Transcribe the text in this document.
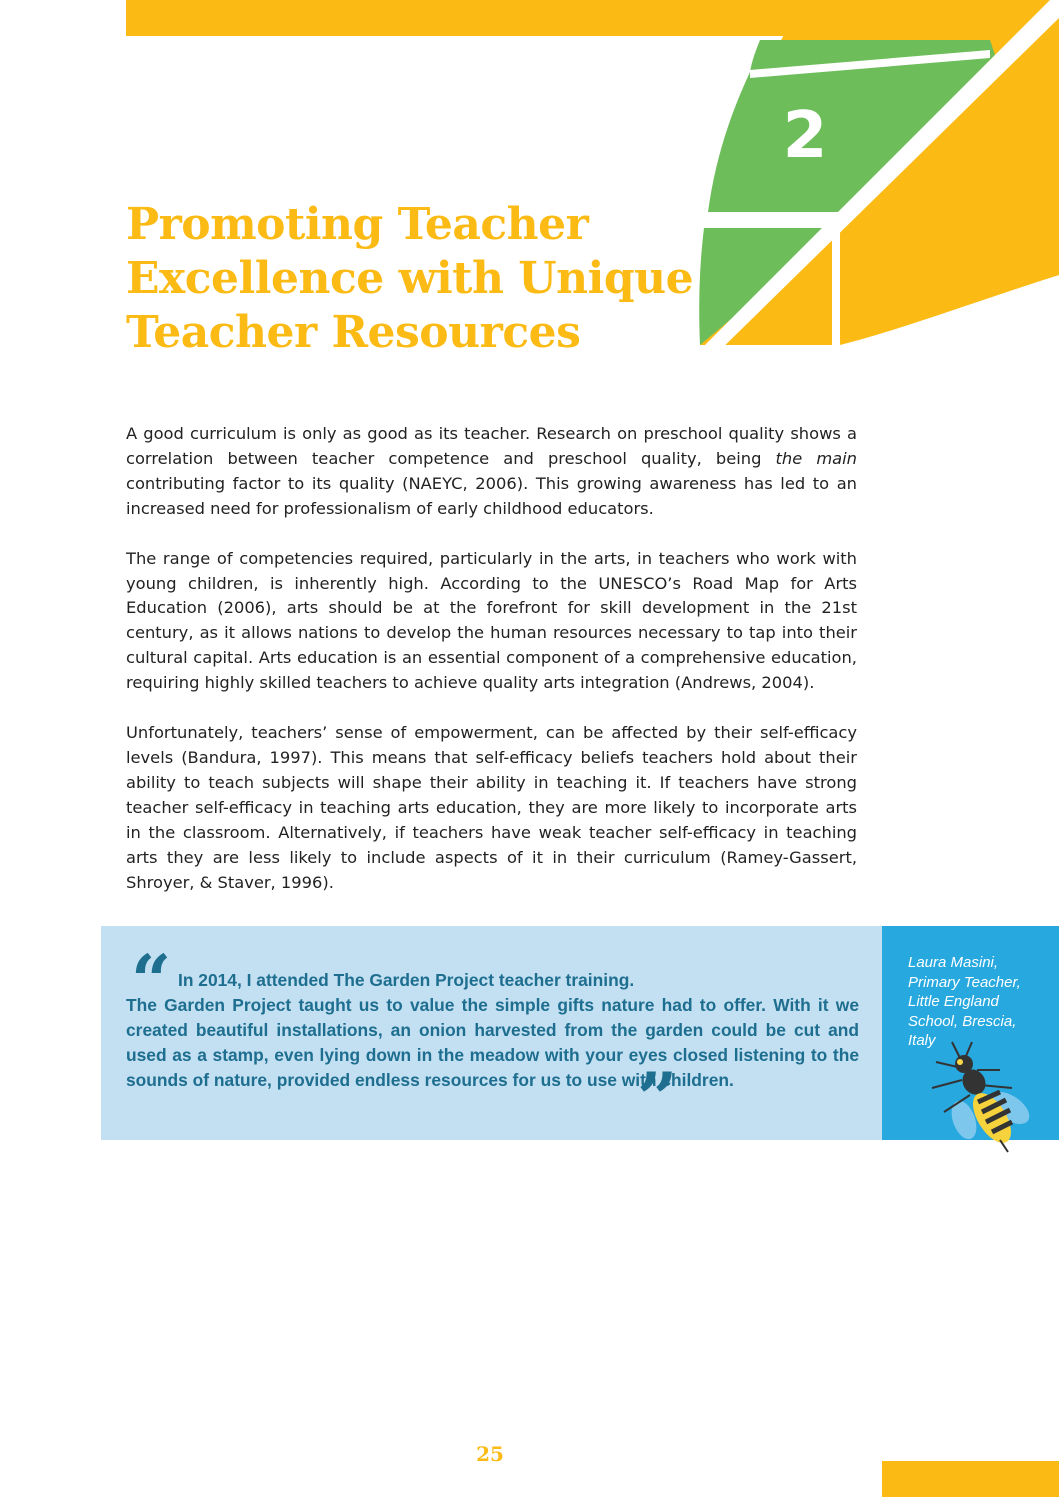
2
Promoting Teacher
Excellence with Unique
Teacher Resources

A good curriculum is only as good as its teacher. Research on preschool quality shows a correlation between teacher competence and preschool quality, being the main contributing factor to its quality (NAEYC, 2006). This growing awareness has led to an increased need for professionalism of early childhood educators.

The range of competencies required, particularly in the arts, in teachers who work with young children, is inherently high. According to the UNESCO’s Road Map for Arts Education (2006), arts should be at the forefront for skill development in the 21st century, as it allows nations to develop the human resources necessary to tap into their cultural capital. Arts education is an essential component of a comprehensive education, requiring highly skilled teachers to achieve quality arts integration (Andrews, 2004).

Unfortunately, teachers’ sense of empowerment, can be affected by their self-efficacy levels (Bandura, 1997). This means that self-efficacy beliefs teachers hold about their ability to teach subjects will shape their ability in teaching it. If teachers have strong teacher self-efficacy in teaching arts education, they are more likely to incorporate arts in the classroom. Alternatively, if teachers have weak teacher self-efficacy in teaching arts they are less likely to include aspects of it in their curriculum (Ramey-Gassert, Shroyer, & Staver, 1996).

“ In 2014, I attended The Garden Project teacher training.
The Garden Project taught us to value the simple gifts nature had to offer. With it we created beautiful installations, an onion harvested from the garden could be cut and used as a stamp, even lying down in the meadow with your eyes closed listening to the sounds of nature, provided endless resources for us to use with children.
”
Laura Masini,
Primary Teacher,
Little England
School, Brescia,
Italy
25
